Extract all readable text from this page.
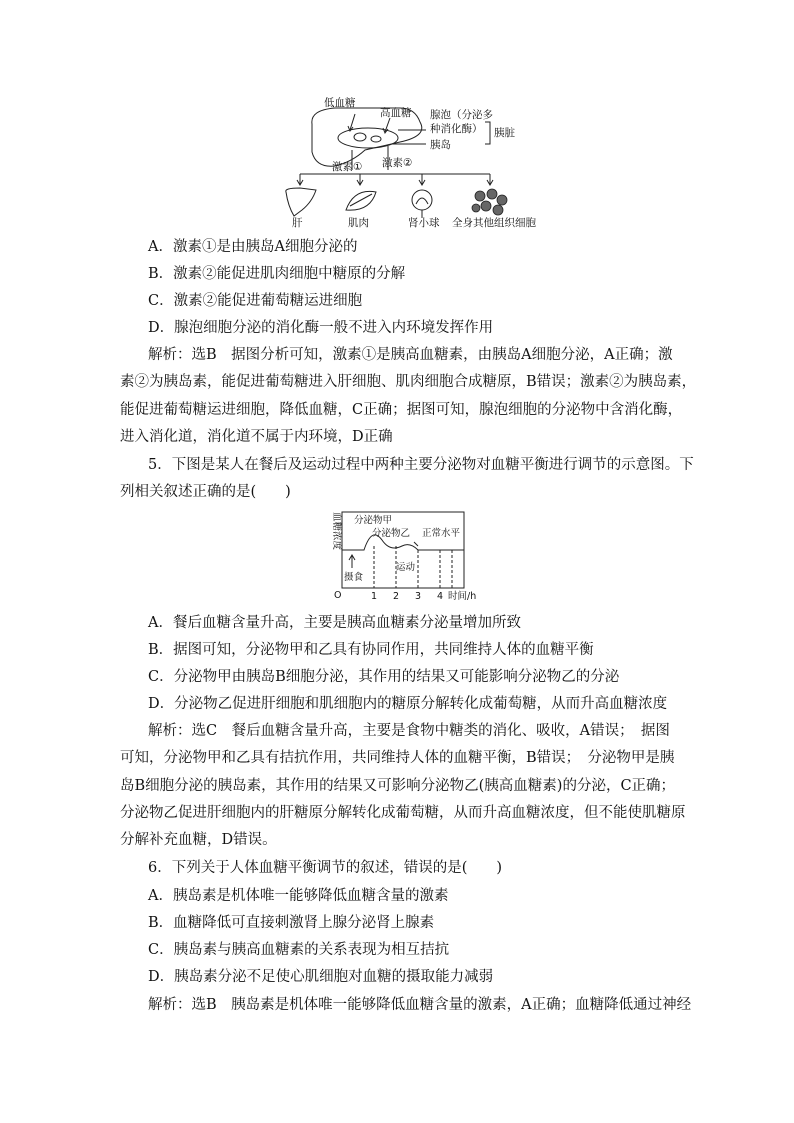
低血糖
高血糖 腺泡（分泌多
种消化酶） 胰脏
胰岛
激素① 激素②
肝	肌肉	肾小球 全身其他组织细胞
A．激素①是由胰岛A细胞分泌的
B．激素②能促进肌肉细胞中糖原的分解
C．激素②能促进葡萄糖运进细胞
D．腺泡细胞分泌的消化酶一般不进入内环境发挥作用

解析：选B　据图分析可知，激素①是胰高血糖素，由胰岛A细胞分泌，A正确；激

素②为胰岛素，能促进葡萄糖进入肝细胞、肌肉细胞合成糖原，B错误；激素②为胰岛素，

能促进葡萄糖运进细胞，降低血糖，C正确；据图可知，腺泡细胞的分泌物中含消化酶，

进入消化道，消化道不属于内环境，D正确

5．下图是某人在餐后及运动过程中两种主要分泌物对血糖平衡进行调节的示意图。下

列相关叙述正确的是(　　)

血糖浓度 分泌物甲
分泌物乙 正常水平
运动
摄食
O	1 2 3 4 时间/h
A．餐后血糖含量升高，主要是胰高血糖素分泌量增加所致
B．据图可知，分泌物甲和乙具有协同作用，共同维持人体的血糖平衡
C．分泌物甲由胰岛B细胞分泌，其作用的结果又可能影响分泌物乙的分泌
D．分泌物乙促进肝细胞和肌细胞内的糖原分解转化成葡萄糖，从而升高血糖浓度

解析：选C　餐后血糖含量升高，主要是食物中糖类的消化、吸收，A错误；　据图

可知，分泌物甲和乙具有拮抗作用，共同维持人体的血糖平衡，B错误；　分泌物甲是胰

岛B细胞分泌的胰岛素，其作用的结果又可影响分泌物乙(胰高血糖素)的分泌，C正确；

分泌物乙促进肝细胞内的肝糖原分解转化成葡萄糖，从而升高血糖浓度，但不能使肌糖原

分解补充血糖，D错误。

6．下列关于人体血糖平衡调节的叙述，错误的是(　　)
A．胰岛素是机体唯一能够降低血糖含量的激素
B．血糖降低可直接刺激肾上腺分泌肾上腺素
C．胰岛素与胰高血糖素的关系表现为相互拮抗
D．胰岛素分泌不足使心肌细胞对血糖的摄取能力减弱
解析：选B　胰岛素是机体唯一能够降低血糖含量的激素，A正确；血糖降低通过神经
